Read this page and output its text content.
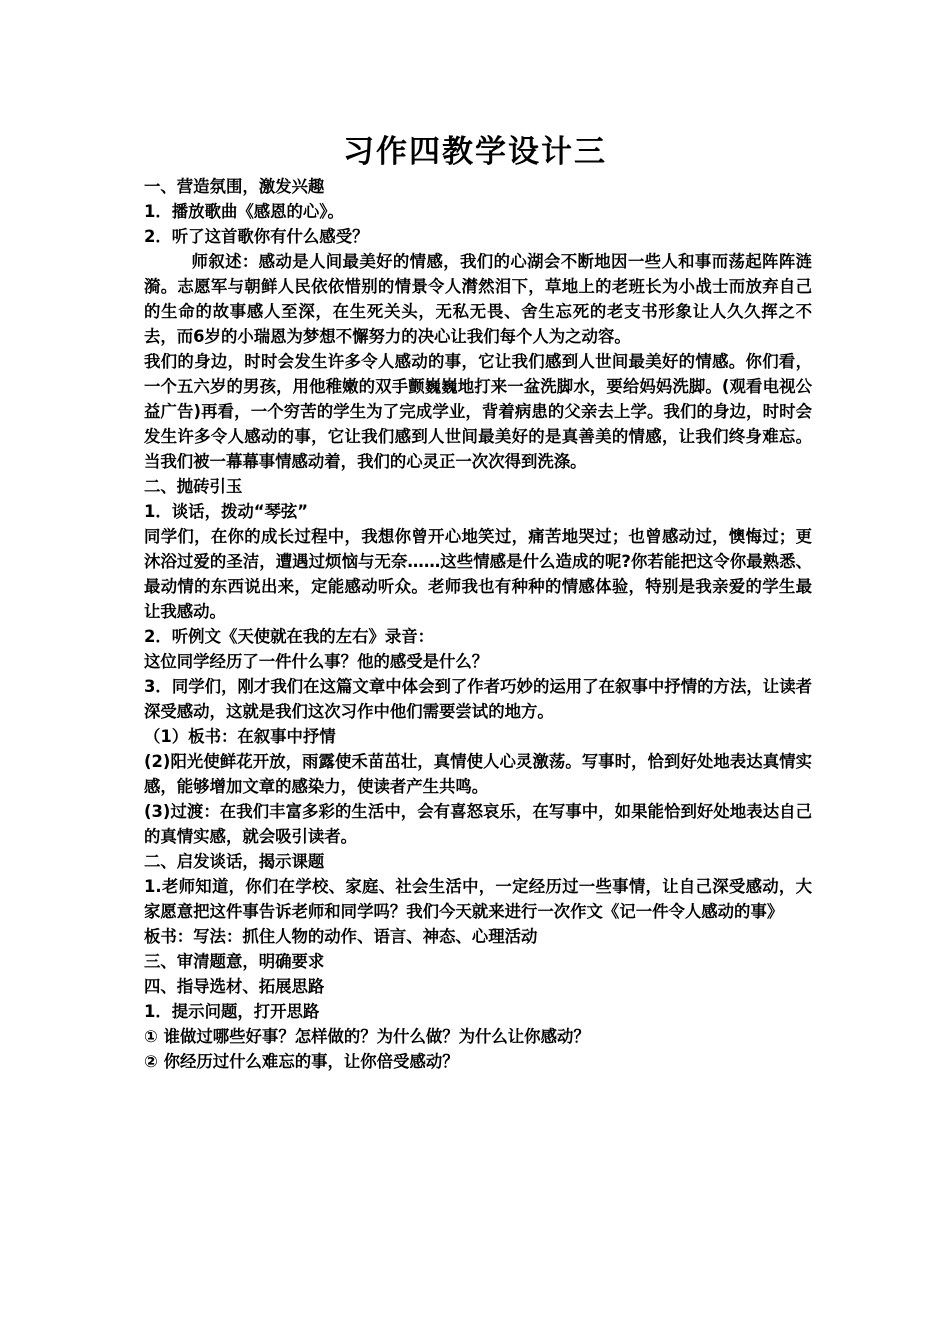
习作四教学设计三

一、营造氛围，激发兴趣

1．播放歌曲《感恩的心》。

2．听了这首歌你有什么感受？

师叙述：感动是人间最美好的情感，我们的心湖会不断地因一些人和事而荡起阵阵涟漪。志愿军与朝鲜人民依依惜别的情景令人潸然泪下，草地上的老班长为小战士而放弃自己的生命的故事感人至深，在生死关头，无私无畏、舍生忘死的老支书形象让人久久挥之不去，而6岁的小瑞恩为梦想不懈努力的决心让我们每个人为之动容。

我们的身边，时时会发生许多令人感动的事，它让我们感到人世间最美好的情感。你们看，一个五六岁的男孩，用他稚嫩的双手颤巍巍地打来一盆洗脚水，要给妈妈洗脚。(观看电视公益广告)再看，一个穷苦的学生为了完成学业，背着病患的父亲去上学。我们的身边，时时会发生许多令人感动的事，它让我们感到人世间最美好的是真善美的情感，让我们终身难忘。当我们被一幕幕事情感动着，我们的心灵正一次次得到洗涤。

二、抛砖引玉

1．谈话，拨动“琴弦”

同学们，在你的成长过程中，我想你曾开心地笑过，痛苦地哭过；也曾感动过，懊悔过；更沐浴过爱的圣洁，遭遇过烦恼与无奈……这些情感是什么造成的呢?你若能把这令你最熟悉、最动情的东西说出来，定能感动听众。老师我也有种种的情感体验，特别是我亲爱的学生最让我感动。

2．听例文《天使就在我的左右》录音：

这位同学经历了一件什么事？他的感受是什么？

3．同学们，刚才我们在这篇文章中体会到了作者巧妙的运用了在叙事中抒情的方法，让读者深受感动，这就是我们这次习作中他们需要尝试的地方。

（1）板书：在叙事中抒情

(2)阳光使鲜花开放，雨露使禾苗茁壮，真情使人心灵激荡。写事时，恰到好处地表达真情实感，能够增加文章的感染力，使读者产生共鸣。

(3)过渡：在我们丰富多彩的生活中，会有喜怒哀乐，在写事中，如果能恰到好处地表达自己的真情实感，就会吸引读者。

二、启发谈话，揭示课题

1.老师知道，你们在学校、家庭、社会生活中，一定经历过一些事情，让自己深受感动，大家愿意把这件事告诉老师和同学吗？我们今天就来进行一次作文《记一件令人感动的事》

板书：写法：抓住人物的动作、语言、神态、心理活动

三、审清题意，明确要求

四、指导选材、拓展思路

1．提示问题，打开思路

① 谁做过哪些好事？怎样做的？为什么做？为什么让你感动？

② 你经历过什么难忘的事，让你倍受感动？
